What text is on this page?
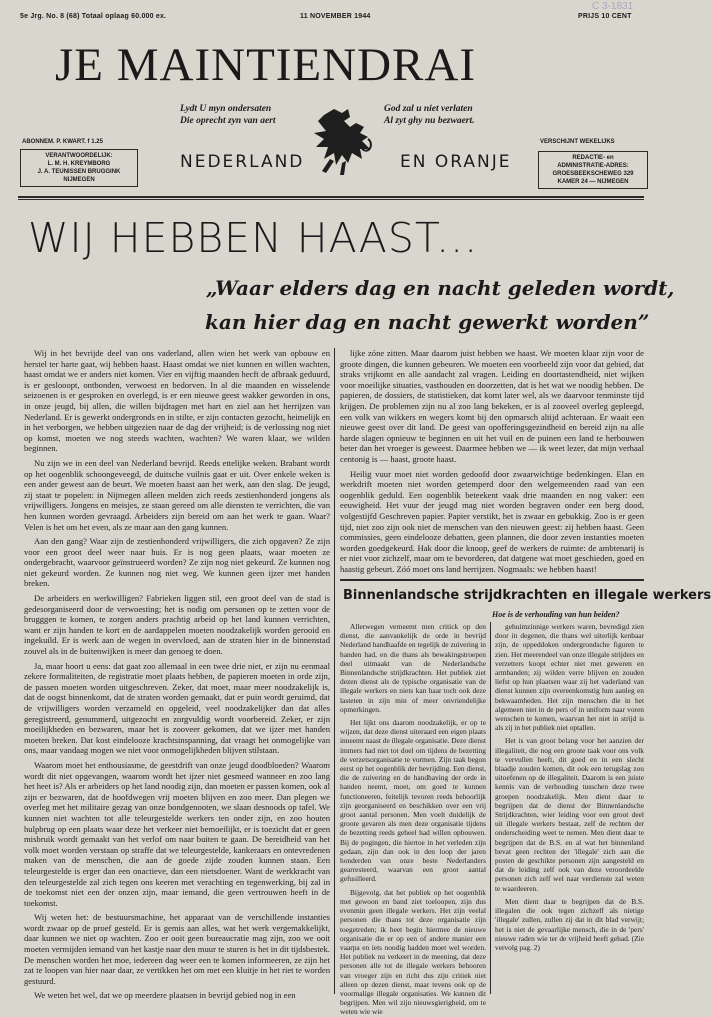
5e Jrg. No. 8 (68) Totaal oplaag 60.000 ex.	11 NOVEMBER 1944	PRIJS 10 CENT
C 3-1831
JE MAINTIENDRAI
Lydt U myn ondersaten
Die oprecht zyn van aert
God zal u niet verlaten
Al zyt ghy nu bezwaert.
NEDERLAND	EN ORANJE
ABONNEM. P. KWART. f 1.25
VERANTWOORDELIJK:
L. M. H. KREYMBORG
J. A. TEUNISSEN BRUGGINK
NIJMEGEN
VERSCHIJNT WEKELIJKS
REDACTIE- en
ADMINISTRATIE-ADRES:
GROESBEEKSCHEWEG 329
KAMER 24 — NIJMEGEN
WIJ HEBBEN HAAST...
„Waar elders dag en nacht geleden wordt,
kan hier dag en nacht gewerkt worden”

Wij in het bevrijde deel van ons vaderland, allen wien het werk van opbouw en herstel ter harte gaat, wij hebben haast. Haast omdat we niet kunnen en willen wachten, haast omdat we er anders niet komen. Vier en vijftig maanden hecft de afbraak geduurd, is er geslooopt, ontbonden, verwoest en bedorven. In al die maanden en wisselende seizoenen is er gesproken en overlegd, is er een nieuwe geest wakker geworden in ons, in onze jeugd, bij allen, die willen bijdragen met hart en ziel aan het herrijzen van Nederland. Er is gewerkt ondergronds en in stilte, er zijn contacten gezocht, heimelijk en in het verborgen, we hebben uitgezien naar de dag der vrijheid; is de verlossing nog niet op komst, moeten we nog steeds wachten, wachten? We waren klaar, we wilden beginnen.

Nu zijn we in een deel van Nederland bevrijd. Reeds ettelijke weken. Brabant wordt op het oogenblik schoongeveegd, de duitsche vuilnis gaat er uit. Over enkele weken is een ander gewest aan de beurt. We moeten haast aan het werk, aan den slag. De jeugd, zij staat te popelen: in Nijmegen alleen melden zich reeds zestienhonderd jongens als vrijwilligers. Jongens en meisjes, ze staan gereed om alle diensten te verrichten, die van hen kunnen worden gevraagd. Arbeiders zijn bereid om aan het werk te gaan. Waar? Velen is het om het even, als ze maar aan den gang kunnen.

Aan den gang? Waar zijn de zestienhonderd vrijwilligers, die zich opgaven? Ze zijn voor een groot deel weer naar huis. Er is nog geen plaats, waar moeten ze ondergebracht, waarvoor geïnstrueerd worden? Ze zijn nog niet gekeurd. Ze kunnen nog niet gekeurd worden. Ze kunnen nog niet weg. We kunnen geen ijzer met handen breken.

De arbeiders en werkwilligen? Fabrieken liggen stil, een groot deel van de stad is gedesorganiseerd door de verwoesting; het is nodig om personen op te zetten voor de brugggen te komen, te zorgen anders prachtig arbeid op het land kunnen verrichten, want er zijn handen te kort en de aardappelen moeten noodzakelijk worden gerooid en ingekuild. Er is werk aan de wegen in overvloed, aan de straten hier in de binnenstad zouvel als in de buitenwijken is meer dan genoeg te doen.

Ja, maar hoort u eens: dat gaat zoo allemaal in een twee drie niet, er zijn nu eenmaal zekere formaliteiten, de registratie moet plaats hebben, de papieren moeten in orde zijn, de passen moeten worden uitgeschreven. Zeker, dat moet, maar meer noodzakelijk is, dat de oogst binnenkomt, dat de straten worden gemaakt, dat er puin wordt geruimd, dat de vrijwilligers worden verzameld en opgeleid, veel noodzakelijker dan dat alles geregistreerd, genummerd, uitgezocht en zorgvuldig wordt voorbereid. Zeker, er zijn moeilijkheden en bezwaren, maar het is zooveer gekomen, dat we ijzer met handen moeten breken. Dat kost eindelooze krachtsinspanning, dat vraagt het onmogelijke van ons, maar vandaag mogen we niet voor onmogelijkheden blijven stilstaan.

Waarom moet het enthousiasme, de geestdrift van onze jeugd doodbloeden? Waarom wordt dit niet opgevangen, waarom wordt het ijzer niet gesmeed wanneer en zoo lang het heet is? Als er arbeiders op het land noodig zijn, dan moeten er passen komen, ook al zijn er bezwaren, dat de hoofdwegen vrij moeten blijven en zoo meer. Dan plegen we overleg met het militaire gezag van onze bondgenooten, we slaan desnoods op tafel. We kunnen niet wachten tot alle teleurgestelde werkers ten onder zijn, en zoo houten hulpbrug op een plaats waar deze het verkeer niet bemoeilijkt, er is toezicht dat er geen misbruik wordt gemaakt van het verlof om naar buiten te gaan. De bereidheid van het volk moet worden verstaan op straffe dat we teleurgestelde, kankeraars en ontevredenen maken van de menschen, die aan de goede zijde zouden kunnen staan. Een teleurgestelde is erger dan een onactieve, dan een nietsdoener. Want de werkkracht van den teleurgestelde zal zich tegen ons keeren met verachting en tegenwerking, bij zal in de toekomst niet een der onzen zijn, maar iemand, die geen vertrouwen heeft in de toekomst.

Wij weten het: de bestuursmachine, het apparaat van de verschillende instanties wordt zwaar op de proef gesteld. Er is gemis aan alles, wat het werk vergemakkelijkt, daar kunnen we niet op wachten. Zoo er ooit geen bureaucratie mag zijn, zoo we ooit moeten vermijden iemand van het kastje naar den muur te sturen is het in dit tijdsbestek. De menschen worden het moe, iedereen dag weer een te komen informeeren, ze zijn het zat te loopen van hier naar daar, ze vertikken het om met een kluitje in het riet te worden gestuurd.

We weten het wel, dat we op meerdere plaatsen in bevrijd gebied nog in een

lijke zóne zitten. Maar daarom juist hebben we haast. We moeten klaar zijn voor de groote dingen, die kunnen gebeuren. We moeten een voorbeeld zijn voor dat gebied, dat straks vrijkomt en alle aandacht zal vragen. Leiding en doortastendheid, niet wijken voor moeilijke situaties, vasthouden en doorzetten, dat is het wat we noodig hebben. De papieren, de dossiers, de statistieken, dat komt later wel, als we daarvoor tenminste tijd krijgen. De problemen zijn nu al zoo lang bekeken, er is al zooveel overleg gepleegd, een volk van wikkers en wegers komt bij den opmarsch altijd achteraan. Er waait een nieuwe geest over dit land. De geest van opofferingsgezindheid en bereid zijn na alle harde slagen opnieuw te beginnen en uit het vuil en de puinen een land te herbouwen beter dan het vroeger is geweest. Daarmee hebben we — ik weet lezer, dat mijn verhaal centonig is — haast, groote haast.

Heilig vuur moet niet worden gedoofd door zwaarwichtige bedenkingen. Elan en werkdrift moeten niet worden getemperd door den welgemeenden raad van een oogenblik geduld. Een oogenblik beteekent vaak drie maanden en nog vaker: een eeuwigheid. Het vuur der jeugd mag niet worden begraven onder een berg dood, volgestijfd Geschreven papier. Papier verstikt, het is zwaar en gebukkig. Zoo is er geen tijd, niet zoo zijn ook niet de menschen van den nieuwen geest: zij hebben haast. Geen commissies, geen eindelooze debatten, geen plannen, die door zeven instanties moeten worden goedgekeurd. Hak door die knoop, geef de werkers de ruimte: de ambtenarij is er niet voor zichzelf, maar om te bevorderen, dat datgene wat moet geschieden, goed en haastig gebeurt. Zóó moet ons land herrijzen. Nogmaals: we hebben haast!

Binnenlandsche strijdkrachten en illegale werkers
Hoe is de verhouding van hun beiden?

Allerwegen verneemt men critick op den dienst, die aanvankelijk de orde in bevrijd Nederland handhaafde en tegelijk de zuivering in handen had, en die thans als bewakingstroepen deel uitmaakt van de Nederlandsche Binnenlandsche strijdkrachten. Het publiek ziet dezen dienst als de typische organisatie van de illegale werkers en niets kan haar toch ook deze lasteten in zijn min of meer onvriendelijke opmerkingen.

Het lijkt ons daarom noodzakelijk, er op te wijzen, dat deze dienst uiteraard een eigen plaats inneemt naast de illegale organisatie. Deze dienst immers had niet tot doel om tijdens de bezetting de verzetsorganisatie te vormen. Zijn taak begon eerst op het oogenblik der bevrijding. Een dienst, die de zuivering en de handhaving der orde in handen neemt, moet, om goed te kunnen functioneeren, feitelijk tevoren reeds behoorlijk zijn georganiseerd en beschikken over een vrij groot aantal personen. Men voelt duidelijk de groote gevaren als men deze organisatie tijdens de bezetting reeds geheel had willen opbouwen. Bij de pogingen, die hiertoe in het verleden zijn gedaan, zijn dan ook in den loop der jaren honderden van onze beste Nederlanders gearresteerd, waarvan een groot aantal gefusilleerd.

Bijgevolg, dat het publiek op het oogenblik met gewoon en band ziet toeloopen, zijn dus evenmin geen illegale werkers. Het zijn veelal personen die thans tot deze organisatie zijn toegetreden; ik heet begin hiermee de nieuwe organisatie die er op een of andere manier een vaarpa en iets noodig hadden moet wel worden. Het publiek nu verkeert in de meening, dat deze personen alle tot de illegale werkers behooren van vroeger zijn en richt dus zijn critiek niet alleen op dezen dienst, maar tevens ook op de voormalige illegale organisaties. We kunnen dit begrijpen. Men wil zijn nieuwsgierigheid, om te weten wie wie

gehuimzinnige werkers waren, bevredigd zien door in degenen, die thans wel uiterlijk kenbaar zijn, de oppeddoken ondergrondsche figuren te zien. Het meerendeel van onze illegale strijders en verzetters koopt echter niet met geweren en armbanden; zij wilden verre blijven en zouden liefst op hun plaatsen waar zij het vaderland van dienst kunnen zijn overeenkomstig hun aanleg en bekwaamheden. Het zijn menschen die in het algemeen niet in de pers of in uniform naar voren wenschen te komen, waarvan het niet in strijd is als zij in het publiek niet optallen.

Het is van groot belang voor het aanzien der illegaliteit, die nog een groote taak voor ons volk te vervullen heeft, dit goed en in een slecht blaadje zouden komen, dit ook een terugslag zou uitoefenen op de illegaliteit. Daarom is een juiste kennis van de verhouding tusschen deze twee groepen noodzakelijk. Men dient daar te begrijpen dat de dienst der Binnenlandsche Strijdkrachten, wier leiding voor een groot deel uit illegale werkers bestaat, zelf de rechten der onderscheiding weet te nemen. Men dient daar te begrijpen dat de B.S. en al wat het binnenland bevat geen rechten der 'illegale' zich aan die posten de geschikte personen zijn aangesteld en dat de leiding zelf ook van deze veroordeelde personen zich zelf wel naar verdienste zal weten te waardeeren.

Men dient daar te begrijpen dat de B.S. illegalen die ook tegen zichzelf als nietige 'illegale' zullen, zullen zij dat in dit blad verwijt; het is niet de gevaarlijke mensch, die in de 'pers' nieuwe raden wie ter de vrijheid heeft gehad. (Zie vervolg pag. 2)
